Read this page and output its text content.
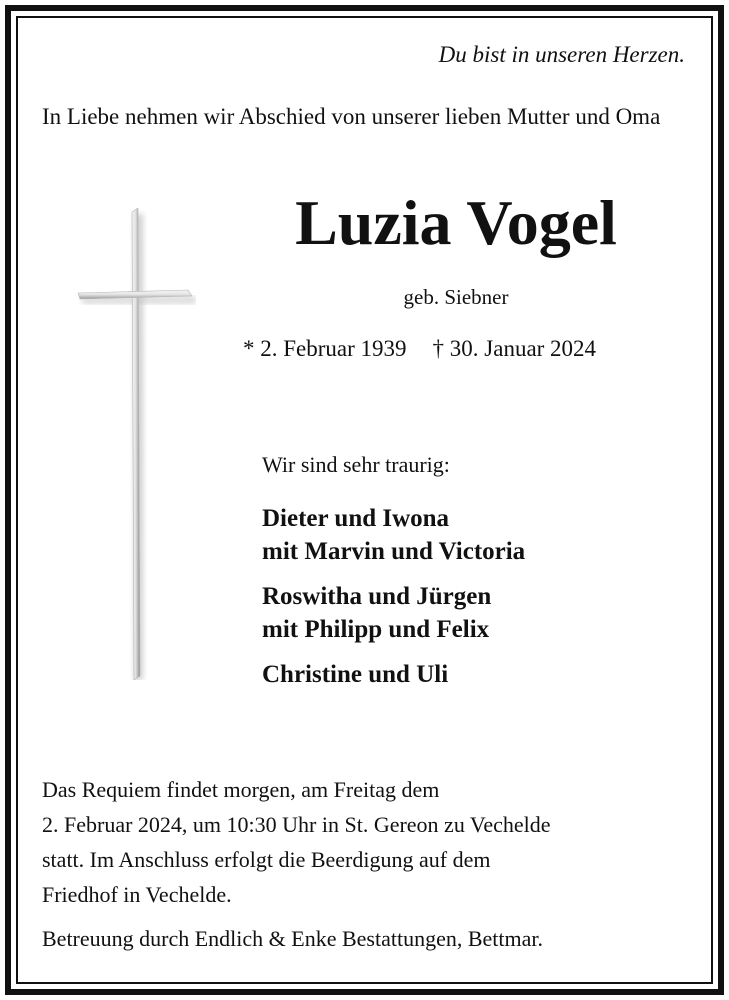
Du bist in unseren Herzen.
In Liebe nehmen wir Abschied von unserer lieben Mutter und Oma
Luzia Vogel
geb. Siebner
* 2. Februar 1939 † 30. Januar 2024
Wir sind sehr traurig:
Dieter und Iwona
mit Marvin und Victoria
Roswitha und Jürgen
mit Philipp und Felix
Christine und Uli
Das Requiem findet morgen, am Freitag dem
2. Februar 2024, um 10:30 Uhr in St. Gereon zu Vechelde
statt. Im Anschluss erfolgt die Beerdigung auf dem
Friedhof in Vechelde.
Betreuung durch Endlich & Enke Bestattungen, Bettmar.
